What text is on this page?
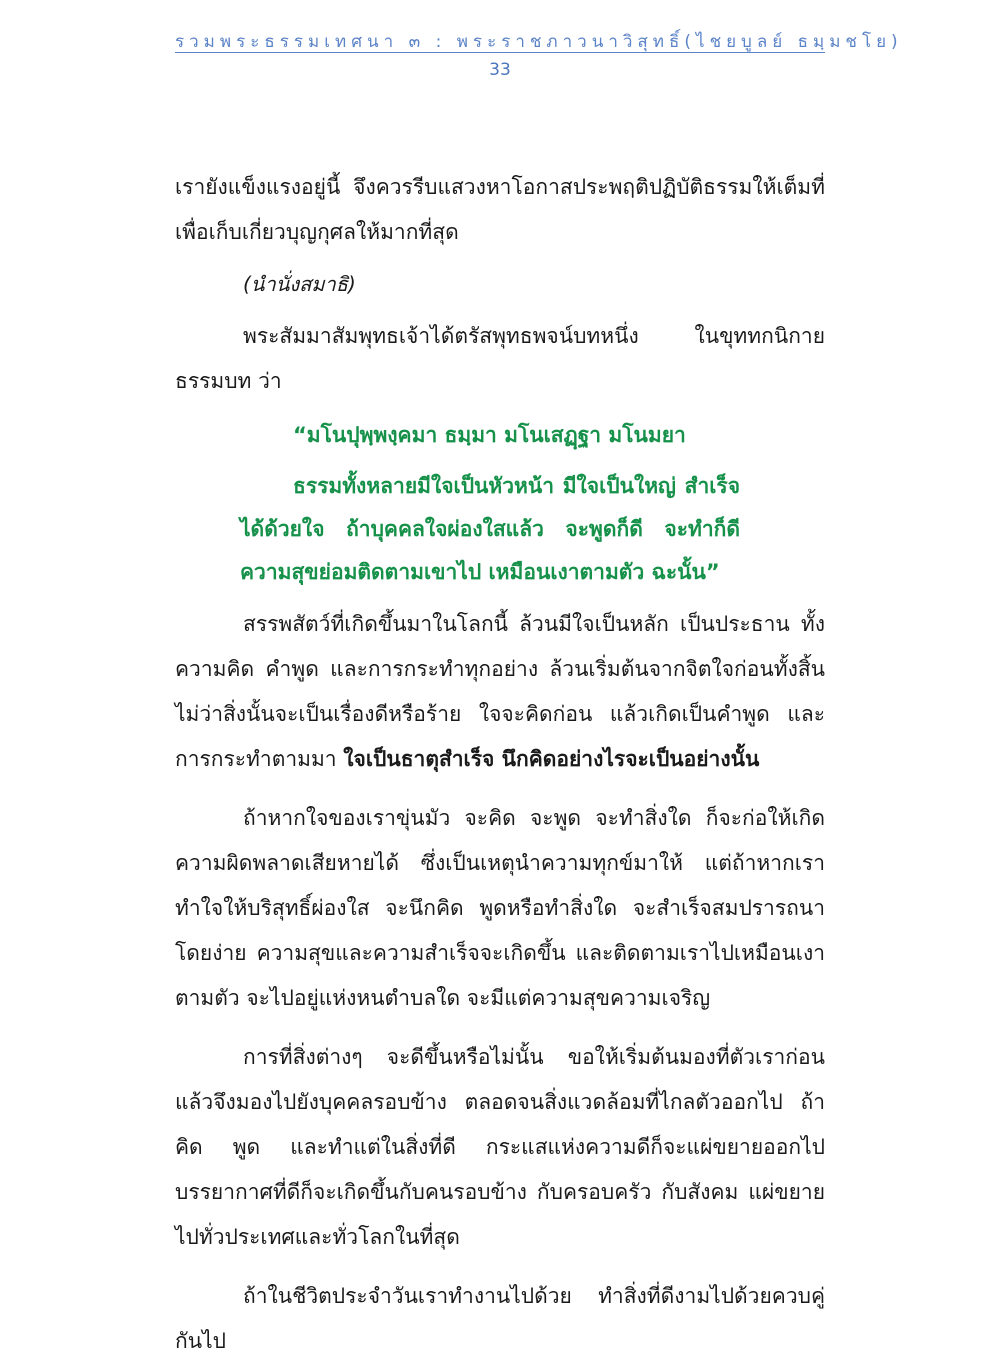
รวมพระธรรมเทศนา ๓ : พระราชภาวนาวิสุทธิ์(ไชยบูลย์ ธมฺมชโย)
33

เรายังแข็งแรงอยู่นี้ จึงควรรีบแสวงหาโอกาสประพฤติปฏิบัติธรรมให้เต็มที่ เพื่อเก็บเกี่ยวบุญกุศลให้มากที่สุด

(นำนั่งสมาธิ)

พระสัมมาสัมพุทธเจ้าได้ตรัสพุทธพจน์บทหนึ่ง ในขุททกนิกาย ธรรมบท ว่า

“มโนปุพฺพงฺคมา ธมฺมา มโนเสฏฺฐา มโนมยา

ธรรมทั้งหลายมีใจเป็นหัวหน้า มีใจเป็นใหญ่ สำเร็จได้ด้วยใจ ถ้าบุคคลใจผ่องใสแล้ว จะพูดก็ดี จะทำก็ดี ความสุขย่อมติดตามเขาไป เหมือนเงาตามตัว ฉะนั้น”

สรรพสัตว์ที่เกิดขึ้นมาในโลกนี้ ล้วนมีใจเป็นหลัก เป็นประธาน ทั้งความคิด คำพูด และการกระทำทุกอย่าง ล้วนเริ่มต้นจากจิตใจก่อนทั้งสิ้น ไม่ว่าสิ่งนั้นจะเป็นเรื่องดีหรือร้าย ใจจะคิดก่อน แล้วเกิดเป็นคำพูด และการกระทำตามมา ใจเป็นธาตุสำเร็จ นึกคิดอย่างไรจะเป็นอย่างนั้น

ถ้าหากใจของเราขุ่นมัว จะคิด จะพูด จะทำสิ่งใด ก็จะก่อให้เกิดความผิดพลาดเสียหายได้ ซึ่งเป็นเหตุนำความทุกข์มาให้ แต่ถ้าหากเราทำใจให้บริสุทธิ์ผ่องใส จะนึกคิด พูดหรือทำสิ่งใด จะสำเร็จสมปรารถนาโดยง่าย ความสุขและความสำเร็จจะเกิดขึ้น และติดตามเราไปเหมือนเงาตามตัว จะไปอยู่แห่งหนตำบลใด จะมีแต่ความสุขความเจริญ

การที่สิ่งต่างๆ จะดีขึ้นหรือไม่นั้น ขอให้เริ่มต้นมองที่ตัวเราก่อน แล้วจึงมองไปยังบุคคลรอบข้าง ตลอดจนสิ่งแวดล้อมที่ไกลตัวออกไป ถ้าคิด พูด และทำแต่ในสิ่งที่ดี กระแสแห่งความดีก็จะแผ่ขยายออกไป บรรยากาศที่ดีก็จะเกิดขึ้นกับคนรอบข้าง กับครอบครัว กับสังคม แผ่ขยายไปทั่วประเทศและทั่วโลกในที่สุด

ถ้าในชีวิตประจำวันเราทำงานไปด้วย ทำสิ่งที่ดีงามไปด้วยควบคู่กันไป
